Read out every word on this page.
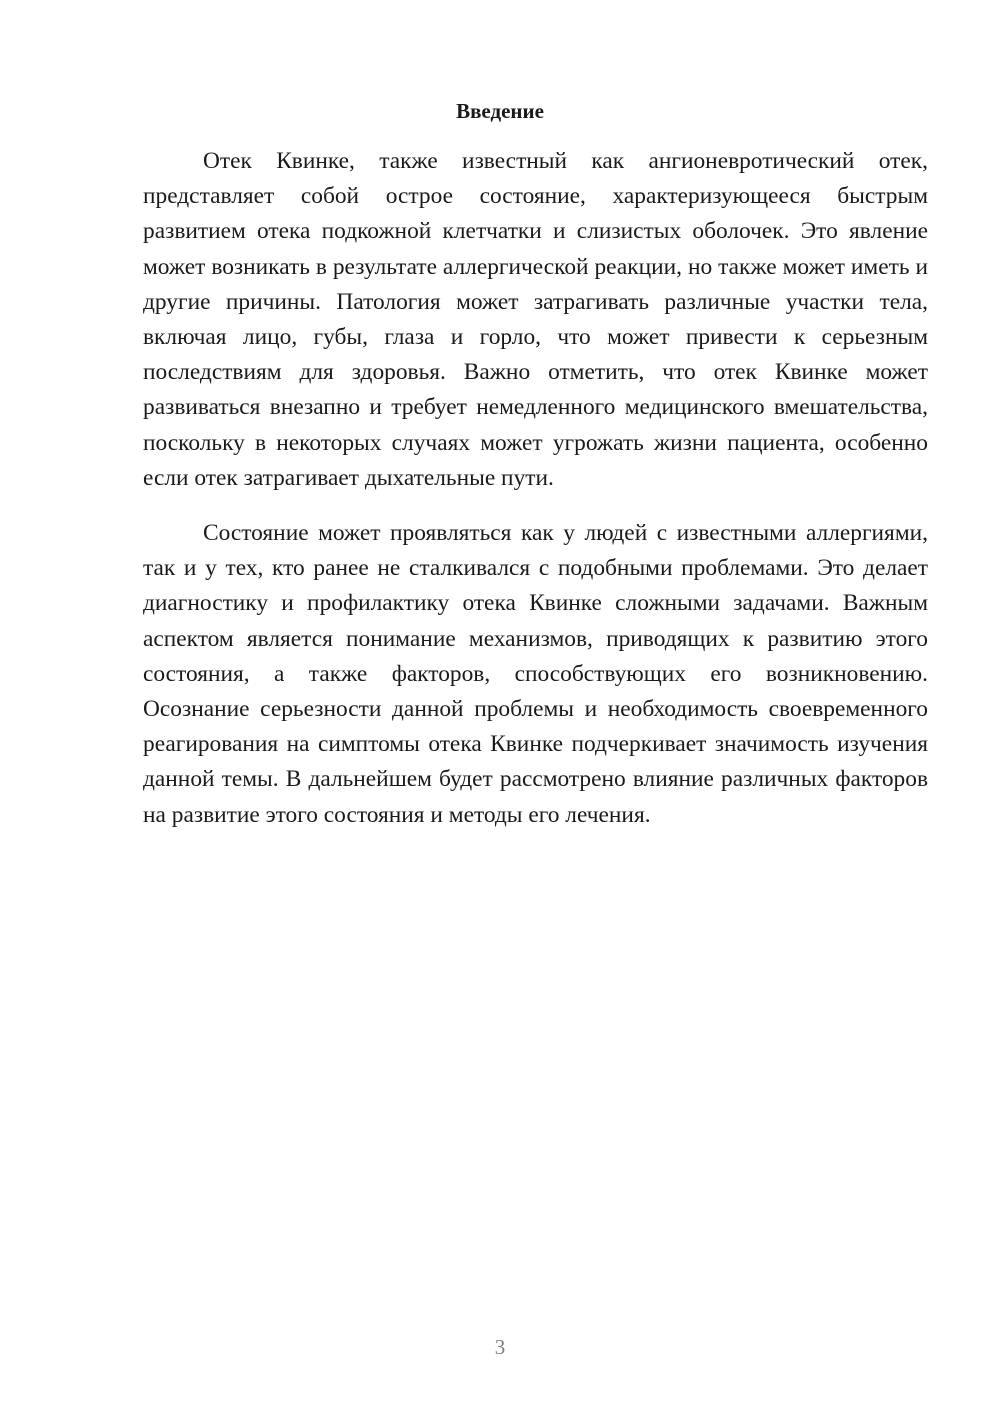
Введение

Отек Квинке, также известный как ангионевротический отек, представляет собой острое состояние, характеризующееся быстрым развитием отека подкожной клетчатки и слизистых оболочек. Это явление может возникать в результате аллергической реакции, но также может иметь и другие причины. Патология может затрагивать различные участки тела, включая лицо, губы, глаза и горло, что может привести к серьезным последствиям для здоровья. Важно отметить, что отек Квинке может развиваться внезапно и требует немедленного медицинского вмешательства, поскольку в некоторых случаях может угрожать жизни пациента, особенно если отек затрагивает дыхательные пути.

Состояние может проявляться как у людей с известными аллергиями, так и у тех, кто ранее не сталкивался с подобными проблемами. Это делает диагностику и профилактику отека Квинке сложными задачами. Важным аспектом является понимание механизмов, приводящих к развитию этого состояния, а также факторов, способствующих его возникновению. Осознание серьезности данной проблемы и необходимость своевременного реагирования на симптомы отека Квинке подчеркивает значимость изучения данной темы. В дальнейшем будет рассмотрено влияние различных факторов на развитие этого состояния и методы его лечения.

3
